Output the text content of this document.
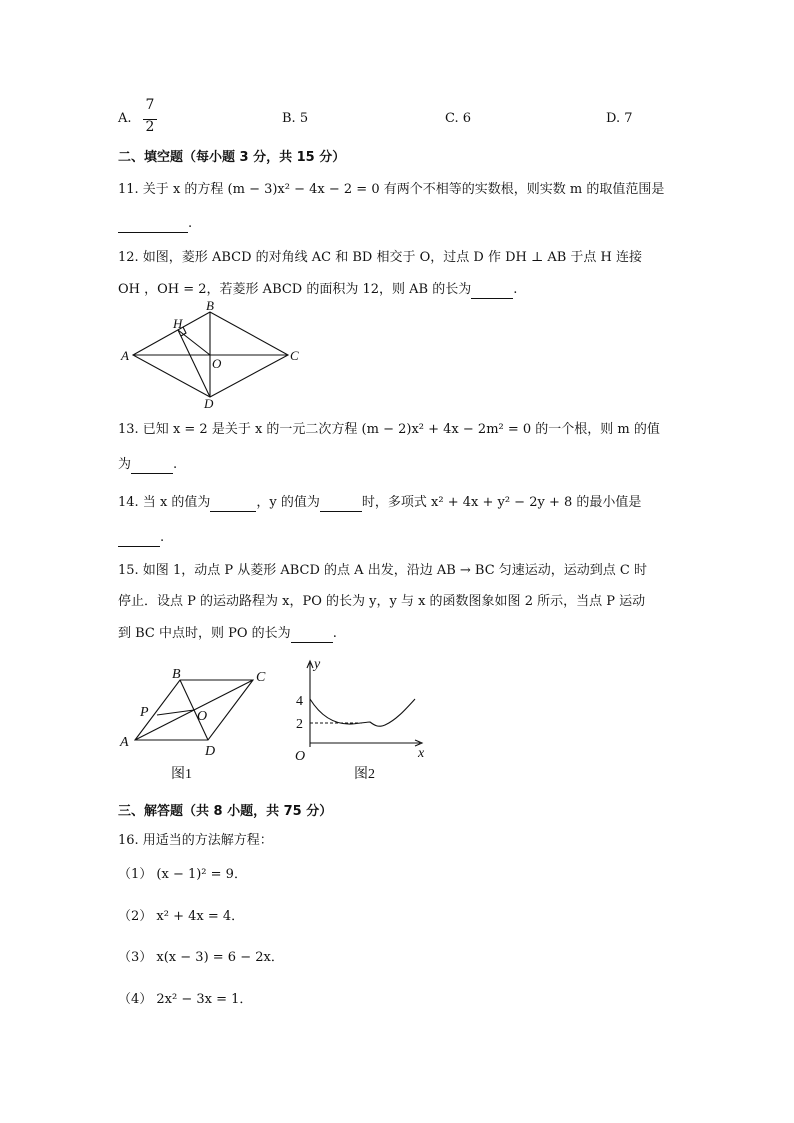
A.
7
2
B. 5	C. 6	D. 7
二、填空题（每小题 3 分，共 15 分）
11. 关于 x 的方程 (m − 3)x² − 4x − 2 = 0 有两个不相等的实数根，则实数 m 的取值范围是
.
12. 如图，菱形 ABCD 的对角线 AC 和 BD 相交于 O，过点 D 作 DH ⊥ AB 于点 H 连接
OH ，OH = 2，若菱形 ABCD 的面积为 12，则 AB 的长为	.
A
B
C
D
H
O
13. 已知 x = 2 是关于 x 的一元二次方程 (m − 2)x² + 4x − 2m² = 0 的一个根，则 m 的值
为	.
14. 当 x 的值为	，y 的值为	时，多项式 x² + 4x + y² − 2y + 8 的最小值是
.
15. 如图 1，动点 P 从菱形 ABCD 的点 A 出发，沿边 AB → BC 匀速运动，运动到点 C 时
停止．设点 P 的运动路程为 x，PO 的长为 y，y 与 x 的函数图象如图 2 所示，当点 P 运动
到 BC 中点时，则 PO 的长为	.
A
B	C
D
P	O
图1
y
x
O
4
2
图2
三、解答题（共 8 小题，共 75 分）
16. 用适当的方法解方程：
（1） (x − 1)² = 9．
（2） x² + 4x = 4．
（3） x(x − 3) = 6 − 2x．
（4） 2x² − 3x = 1．
